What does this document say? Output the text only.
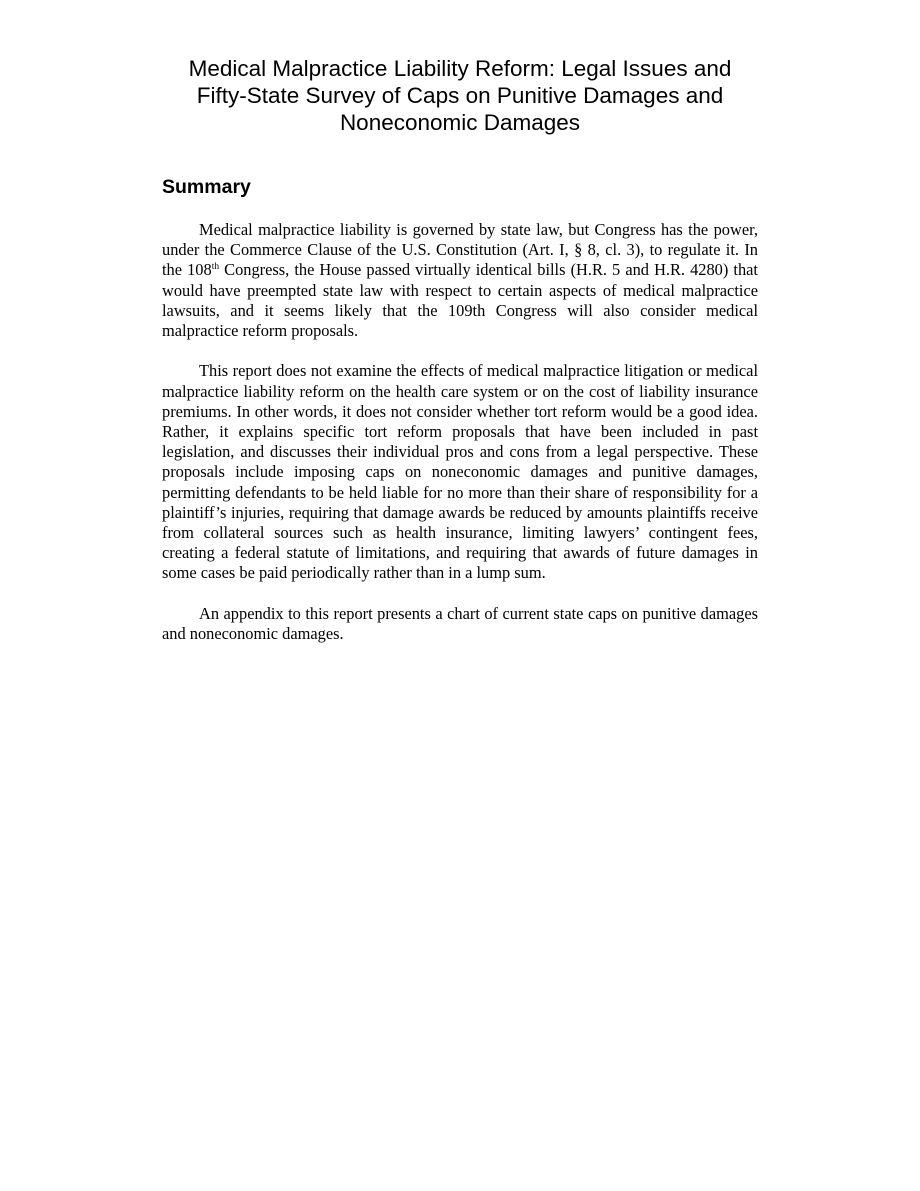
Medical Malpractice Liability Reform: Legal Issues and
Fifty-State Survey of Caps on Punitive Damages and
Noneconomic Damages
Summary

Medical malpractice liability is governed by state law, but Congress has the power, under the Commerce Clause of the U.S. Constitution (Art. I, § 8, cl. 3), to regulate it. In the 108th Congress, the House passed virtually identical bills (H.R. 5 and H.R. 4280) that would have preempted state law with respect to certain aspects of medical malpractice lawsuits, and it seems likely that the 109th Congress will also consider medical malpractice reform proposals.

This report does not examine the effects of medical malpractice litigation or medical malpractice liability reform on the health care system or on the cost of liability insurance premiums. In other words, it does not consider whether tort reform would be a good idea. Rather, it explains specific tort reform proposals that have been included in past legislation, and discusses their individual pros and cons from a legal perspective. These proposals include imposing caps on noneconomic damages and punitive damages, permitting defendants to be held liable for no more than their share of responsibility for a plaintiff’s injuries, requiring that damage awards be reduced by amounts plaintiffs receive from collateral sources such as health insurance, limiting lawyers’ contingent fees, creating a federal statute of limitations, and requiring that awards of future damages in some cases be paid periodically rather than in a lump sum.

An appendix to this report presents a chart of current state caps on punitive damages and noneconomic damages.
